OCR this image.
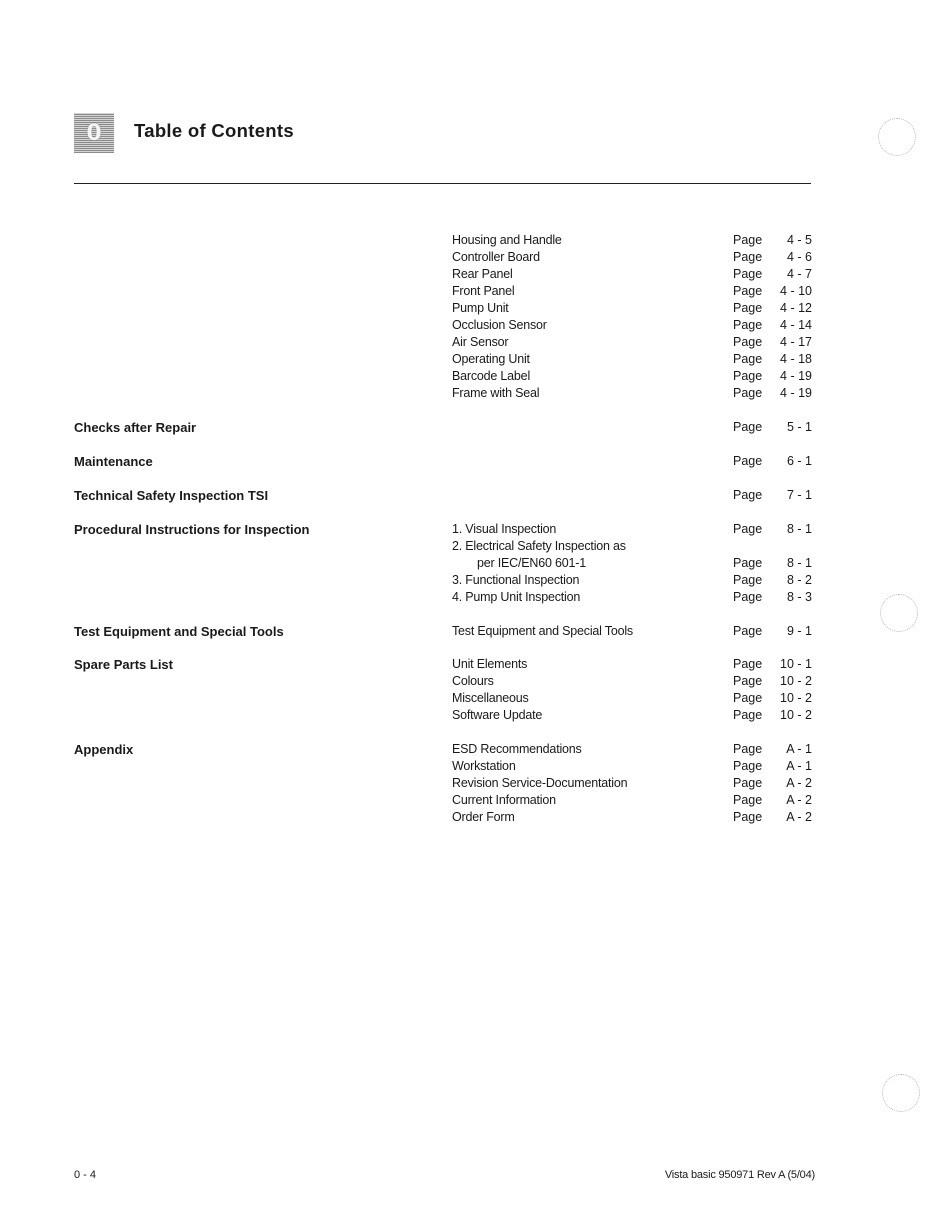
0 Table of Contents
Housing and Handle	Page	4 - 5
Controller Board	Page	4 - 6
Rear Panel	Page	4 - 7
Front Panel	Page	4 - 10
Pump Unit	Page	4 - 12
Occlusion Sensor	Page	4 - 14
Air Sensor	Page	4 - 17
Operating Unit	Page	4 - 18
Barcode Label	Page	4 - 19
Frame with Seal	Page	4 - 19
Checks after Repair	Page	5 - 1
Maintenance	Page	6 - 1
Technical Safety Inspection TSI	Page	7 - 1
Procedural Instructions for Inspection	1. Visual Inspection	Page	8 - 1
2. Electrical Safety Inspection as
per IEC/EN60 601-1	Page	8 - 1
3. Functional Inspection	Page	8 - 2
4. Pump Unit Inspection	Page	8 - 3
Test Equipment and Special Tools	Test Equipment and Special Tools	Page	9 - 1
Spare Parts List	Unit Elements	Page	10 - 1
Colours	Page	10 - 2
Miscellaneous	Page	10 - 2
Software Update	Page	10 - 2
Appendix	ESD Recommendations	Page	A - 1
Workstation	Page	A - 1
Revision Service-Documentation	Page	A - 2
Current Information	Page	A - 2
Order Form	Page	A - 2
0 - 4	Vista basic 950971 Rev A (5/04)
